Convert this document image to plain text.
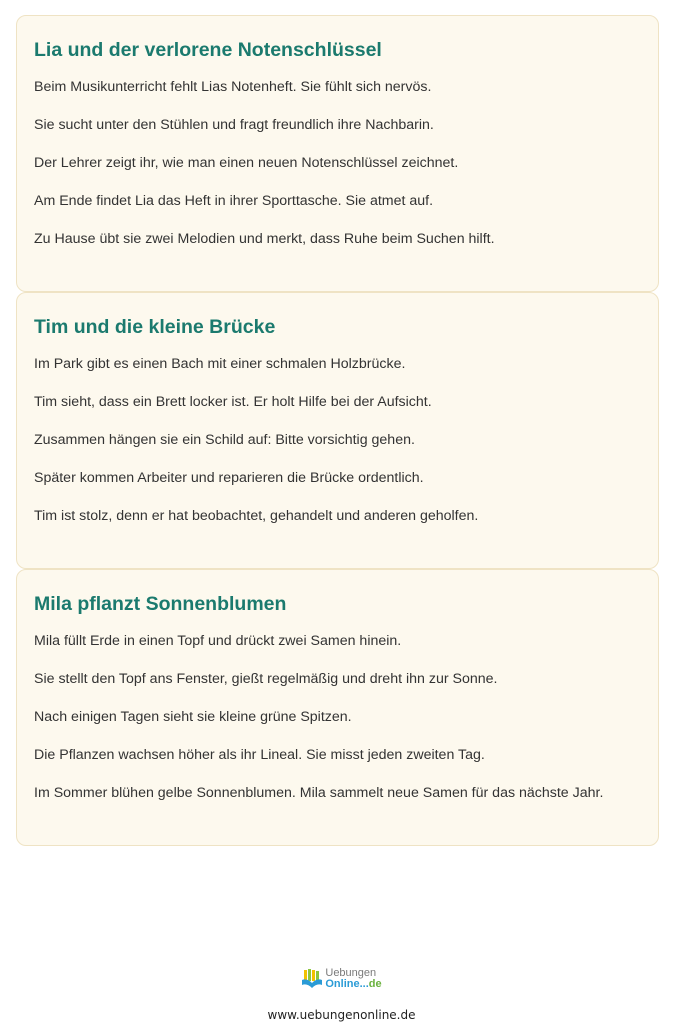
Lia und der verlorene Notenschlüssel

Beim Musikunterricht fehlt Lias Notenheft. Sie fühlt sich nervös.

Sie sucht unter den Stühlen und fragt freundlich ihre Nachbarin.

Der Lehrer zeigt ihr, wie man einen neuen Notenschlüssel zeichnet.

Am Ende findet Lia das Heft in ihrer Sporttasche. Sie atmet auf.

Zu Hause übt sie zwei Melodien und merkt, dass Ruhe beim Suchen hilft.

Tim und die kleine Brücke

Im Park gibt es einen Bach mit einer schmalen Holzbrücke.

Tim sieht, dass ein Brett locker ist. Er holt Hilfe bei der Aufsicht.

Zusammen hängen sie ein Schild auf: Bitte vorsichtig gehen.

Später kommen Arbeiter und reparieren die Brücke ordentlich.

Tim ist stolz, denn er hat beobachtet, gehandelt und anderen geholfen.

Mila pflanzt Sonnenblumen

Mila füllt Erde in einen Topf und drückt zwei Samen hinein.

Sie stellt den Topf ans Fenster, gießt regelmäßig und dreht ihn zur Sonne.

Nach einigen Tagen sieht sie kleine grüne Spitzen.

Die Pflanzen wachsen höher als ihr Lineal. Sie misst jeden zweiten Tag.

Im Sommer blühen gelbe Sonnenblumen. Mila sammelt neue Samen für das nächste Jahr.

Uebungen
Online...de
www.uebungenonline.de
